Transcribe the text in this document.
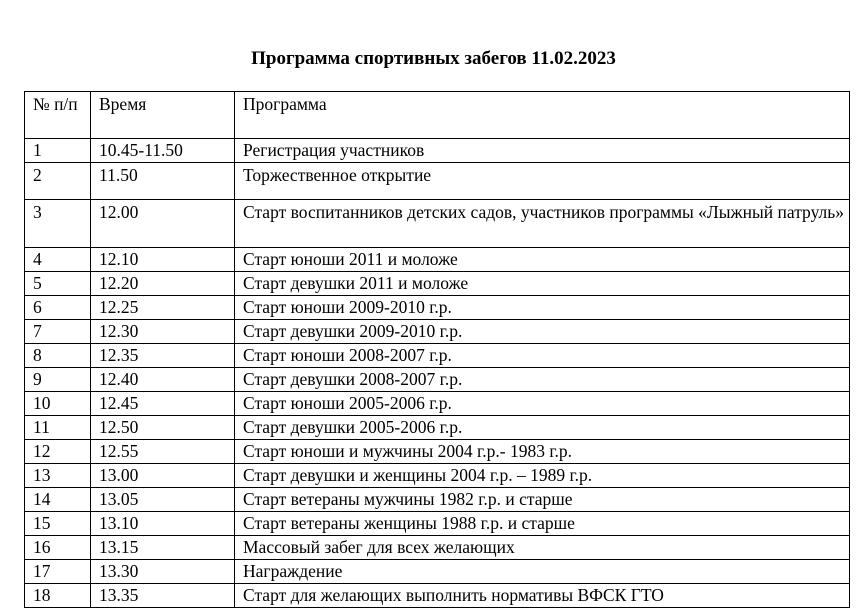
Программа спортивных забегов 11.02.2023
№ п/п	Время	Программа
1	10.45-11.50	Регистрация участников
2	11.50	Торжественное открытие
3	12.00	Старт воспитанников детских садов, участников программы «Лыжный патруль»
4	12.10	Старт юноши 2011 и моложе
5	12.20	Старт девушки 2011 и моложе
6	12.25	Старт юноши 2009-2010 г.р.
7	12.30	Старт девушки 2009-2010 г.р.
8	12.35	Старт юноши 2008-2007 г.р.
9	12.40	Старт девушки 2008-2007 г.р.
10	12.45	Старт юноши 2005-2006 г.р.
11	12.50	Старт девушки 2005-2006 г.р.
12	12.55	Старт юноши и мужчины 2004 г.р.- 1983 г.р.
13	13.00	Старт девушки и женщины 2004 г.р. – 1989 г.р.
14	13.05	Старт ветераны мужчины 1982 г.р. и старше
15	13.10	Старт ветераны женщины 1988 г.р. и старше
16	13.15	Массовый забег для всех желающих
17	13.30	Награждение
18	13.35	Старт для желающих выполнить нормативы ВФСК ГТО
